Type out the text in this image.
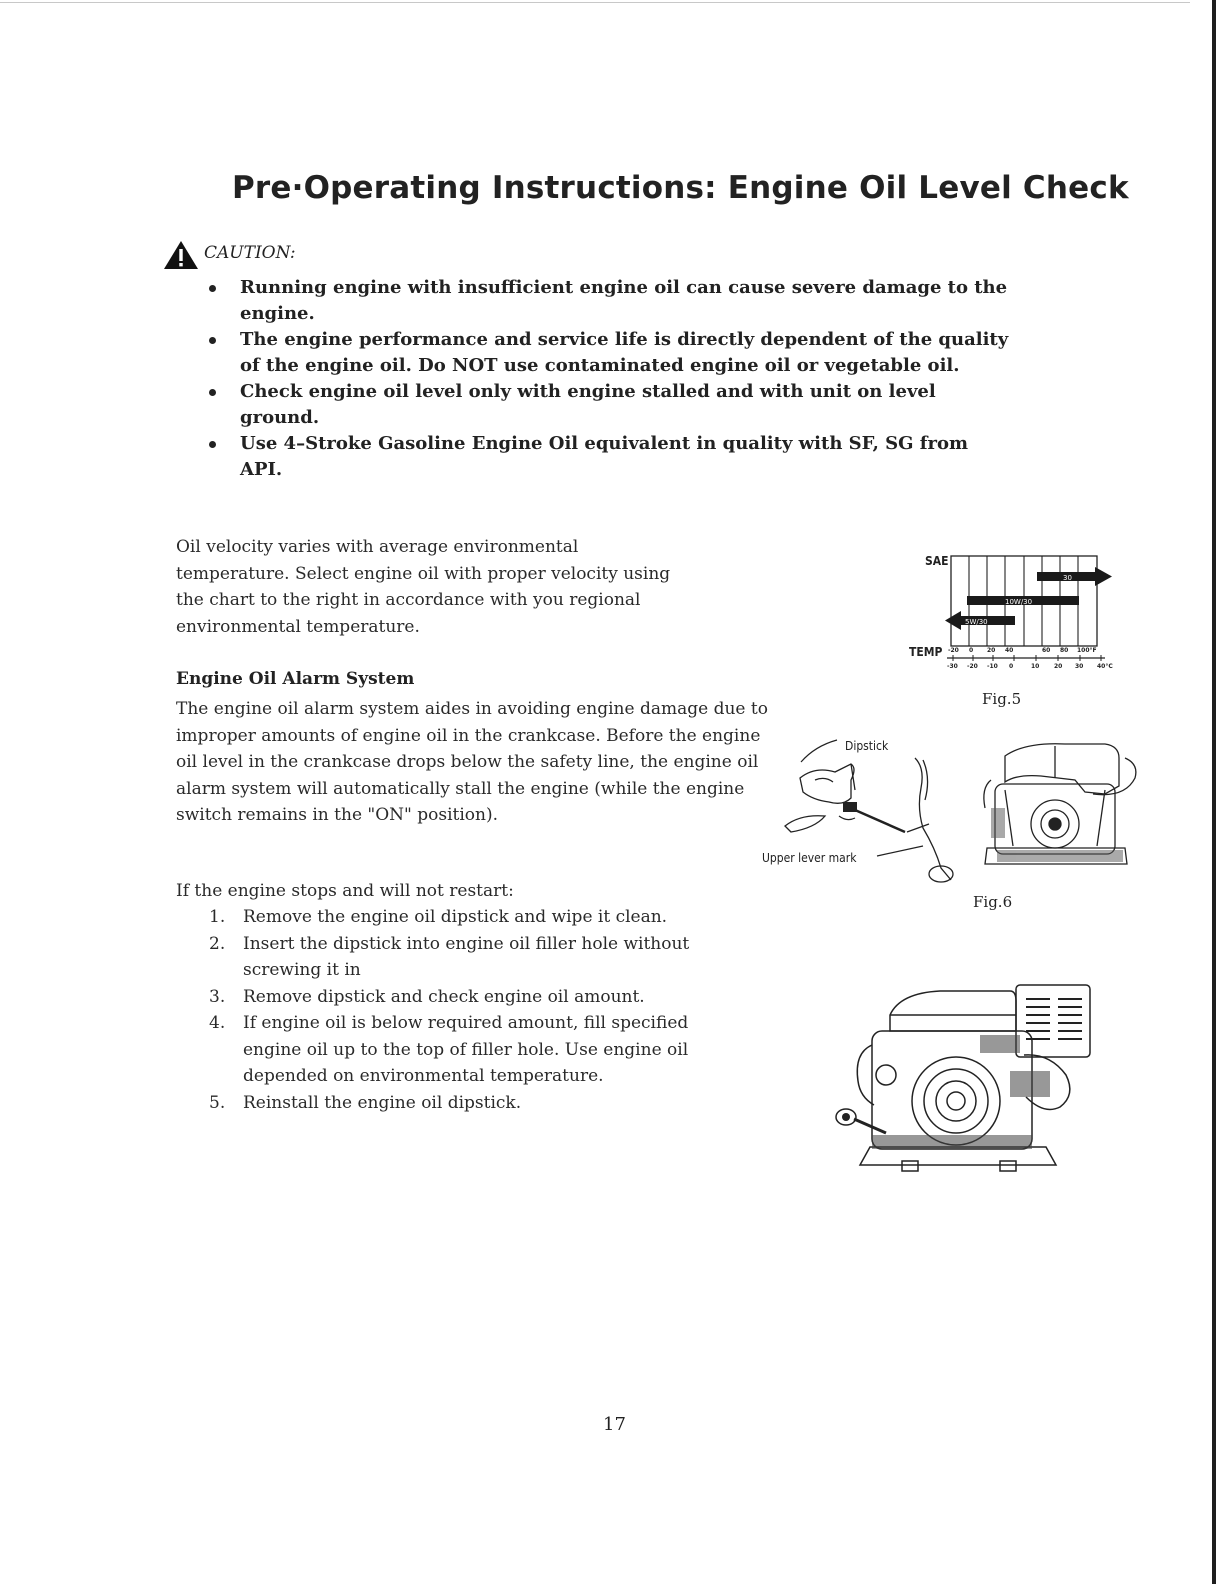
Pre·Operating Instructions: Engine Oil Level Check
CAUTION:
Running engine with insufficient engine oil can cause severe damage to the engine.
The engine performance and service life is directly dependent of the quality of the engine oil. Do NOT use contaminated engine oil or vegetable oil.
Check engine oil level only with engine stalled and with unit on level ground.
Use 4–Stroke Gasoline Engine Oil equivalent in quality with SF, SG from API.
Oil velocity varies with average environmental temperature. Select engine oil with proper velocity using the chart to the right in accordance with you regional environmental temperature.
Engine Oil Alarm System
The engine oil alarm system aides in avoiding engine damage due to improper amounts of engine oil in the crankcase. Before the engine oil level in the crankcase drops below the safety line, the engine oil alarm system will automatically stall the engine (while the engine switch remains in the "ON" position).
If the engine stops and will not restart:
1. Remove the engine oil dipstick and wipe it clean.
2. Insert the dipstick into engine oil filler hole without screwing it in
3. Remove dipstick and check engine oil amount.
4. If engine oil is below required amount, fill specified engine oil up to the top of filler hole. Use engine oil depended on environmental temperature.
5. Reinstall the engine oil dipstick.
SAE
30
10W/30
5W/30
TEMP -20 0 20 40	60 80 100°F
-30 -20 -10 0	10 20 30 40°C
Fig.5
Dipstick
Upper lever mark
Fig.6
17
